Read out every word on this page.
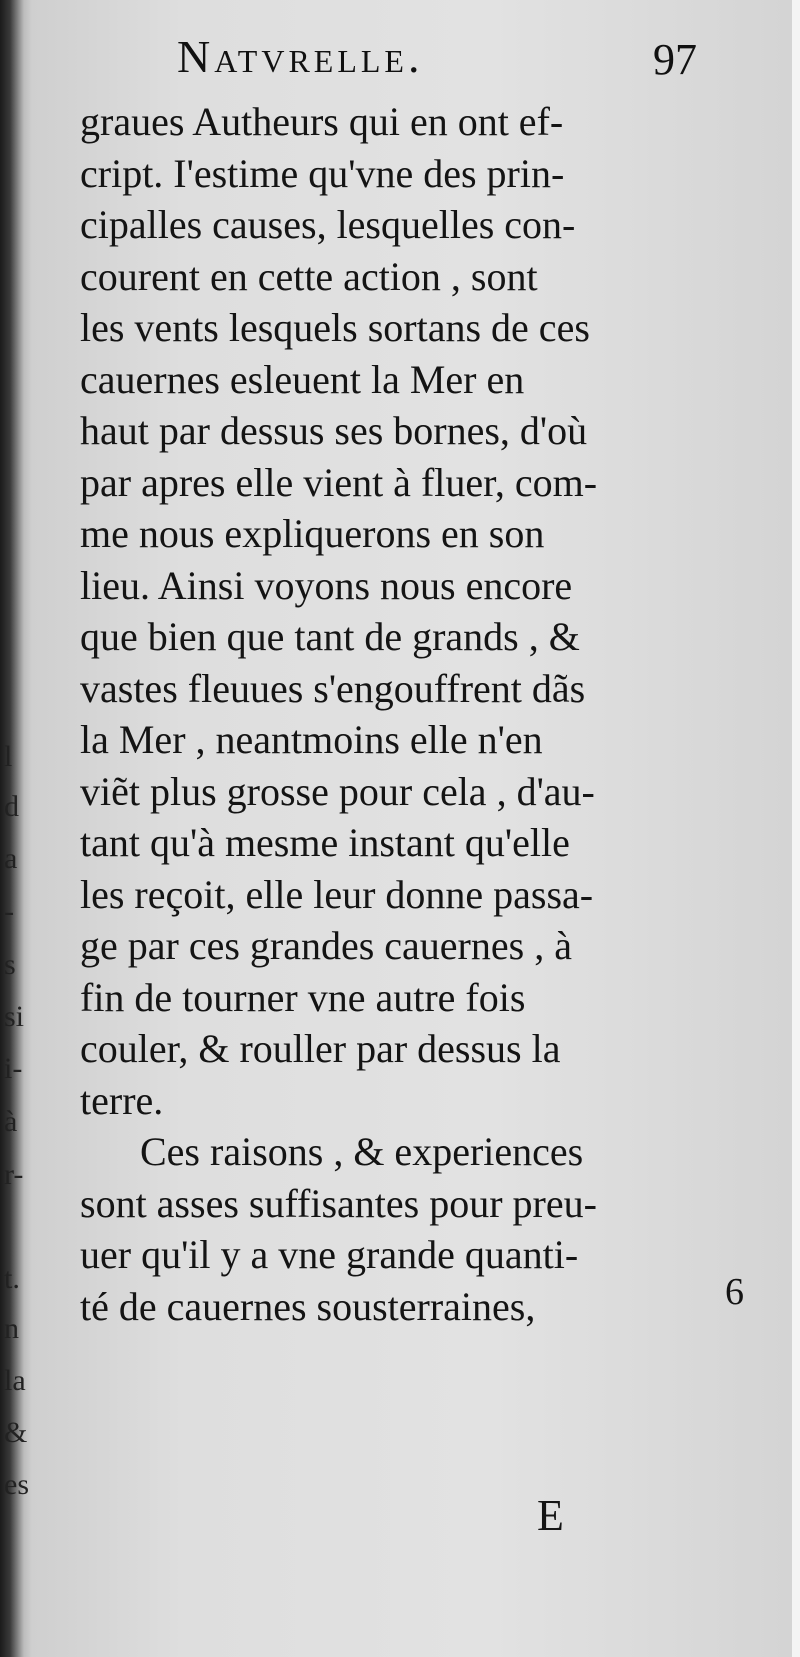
l
d
a
-
s
si
i-
à
r-
t.
n
la
&
es
Natvrelle.	97
graues Autheurs qui en ont ef-
cript. I'estime qu'vne des prin-
cipalles causes, lesquelles con-
courent en cette action , sont
les vents lesquels sortans de ces
cauernes esleuent la Mer en
haut par dessus ses bornes, d'où
par apres elle vient à fluer, com-
me nous expliquerons en son
lieu. Ainsi voyons nous encore
que bien que tant de grands , &
vastes fleuues s'engouffrent dãs
la Mer , neantmoins elle n'en
viẽt plus grosse pour cela , d'au-
tant qu'à mesme instant qu'elle
les reçoit, elle leur donne passa-
ge par ces grandes cauernes , à
fin de tourner vne autre fois
couler, & rouller par dessus la
terre.
Ces raisons , & experiences
sont asses suffisantes pour preu-
uer qu'il y a vne grande quanti-
té de cauernes sousterraines,	6
E
